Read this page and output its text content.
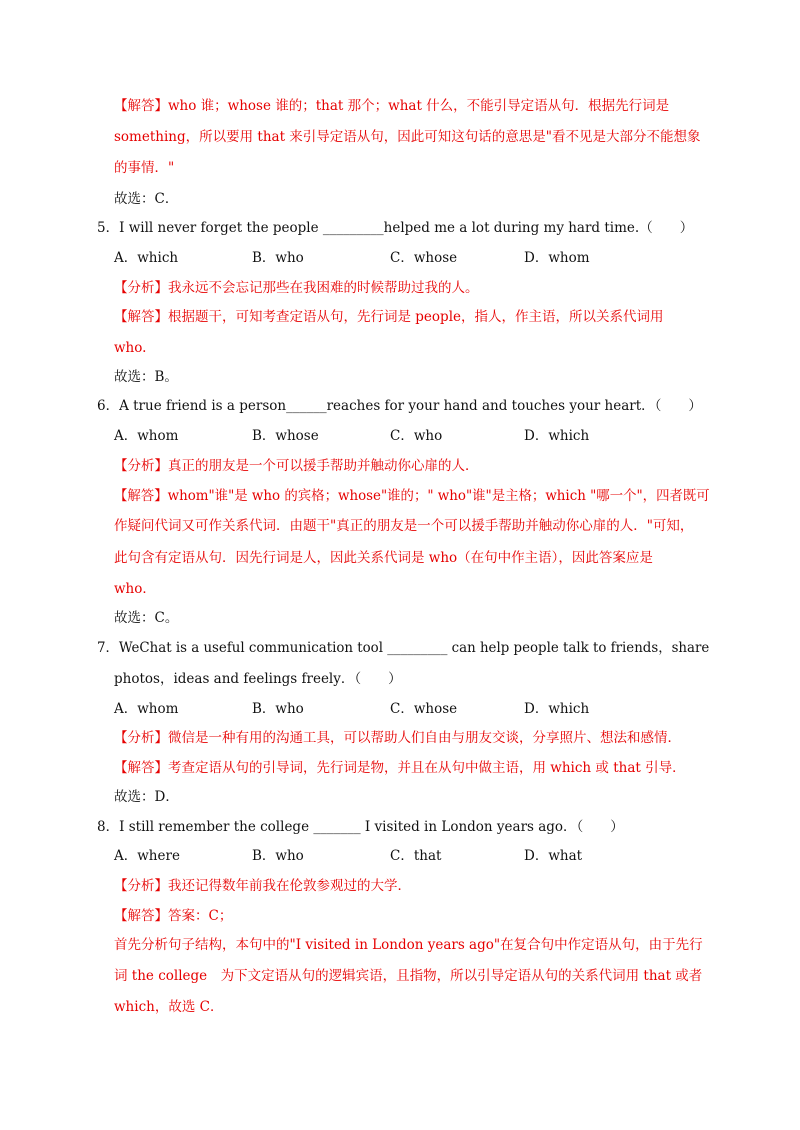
【解答】who 谁；whose 谁的；that 那个；what 什么，不能引导定语从句．根据先行词是
something，所以要用 that 来引导定语从句，因此可知这句话的意思是"看不见是大部分不能想象
的事情．"
故选：C．
5．I will never forget the people _________helped me a lot during my hard time.（　　）
A．which	B．who	C．whose	D．whom
【分析】我永远不会忘记那些在我困难的时候帮助过我的人。
【解答】根据题干，可知考查定语从句，先行词是 people，指人，作主语，所以关系代词用
who.
故选：B。
6．A true friend is a person______reaches for your hand and touches your heart．（　　）
A．whom	B．whose	C．who	D．which
【分析】真正的朋友是一个可以援手帮助并触动你心扉的人．
【解答】whom"谁"是 who 的宾格；whose"谁的；" who"谁"是主格；which "哪一个"，四者既可
作疑问代词又可作关系代词．由题干"真正的朋友是一个可以援手帮助并触动你心扉的人．"可知，
此句含有定语从句．因先行词是人，因此关系代词是 who（在句中作主语），因此答案应是
who．
故选：C。
7．WeChat is a useful communication tool _________ can help people talk to friends，share
photos，ideas and feelings freely．（　　）
A．whom	B．who	C．whose	D．which
【分析】微信是一种有用的沟通工具，可以帮助人们自由与朋友交谈，分享照片、想法和感情．
【解答】考查定语从句的引导词，先行词是物，并且在从句中做主语，用 which 或 that 引导．
故选：D．
8．I still remember the college _______ I visited in London years ago．（　　）
A．where	B．who	C．that	D．what
【分析】我还记得数年前我在伦敦参观过的大学．
【解答】答案：C；
首先分析句子结构，本句中的"I visited in London years ago"在复合句中作定语从句，由于先行
词 the college　为下文定语从句的逻辑宾语，且指物，所以引导定语从句的关系代词用 that 或者
which，故选 C．
